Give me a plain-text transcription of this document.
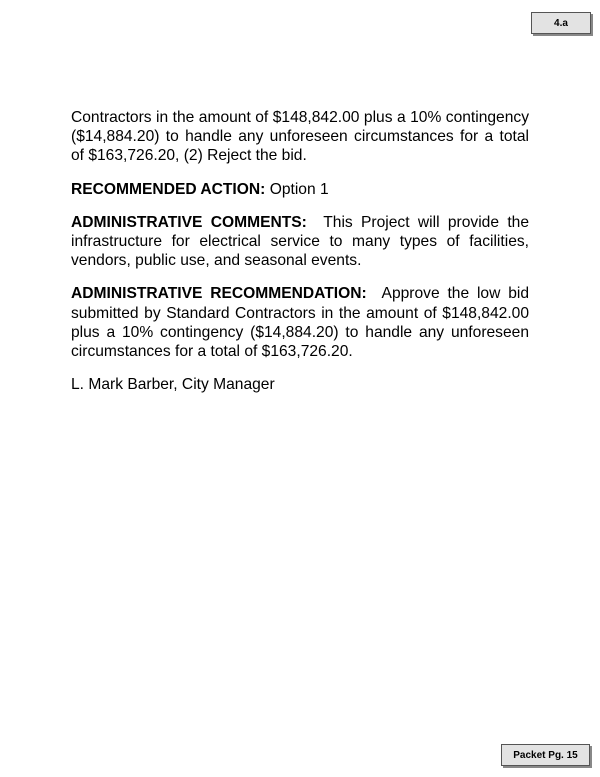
4.a

Contractors in the amount of $148,842.00 plus a 10% contingency ($14,884.20) to handle any unforeseen circumstances for a total of $163,726.20, (2) Reject the bid.

RECOMMENDED ACTION: Option 1

ADMINISTRATIVE COMMENTS: This Project will provide the infrastructure for electrical service to many types of facilities, vendors, public use, and seasonal events.

ADMINISTRATIVE RECOMMENDATION: Approve the low bid submitted by Standard Contractors in the amount of $148,842.00 plus a 10% contingency ($14,884.20) to handle any unforeseen circumstances for a total of $163,726.20.

L. Mark Barber, City Manager

Packet Pg. 15
